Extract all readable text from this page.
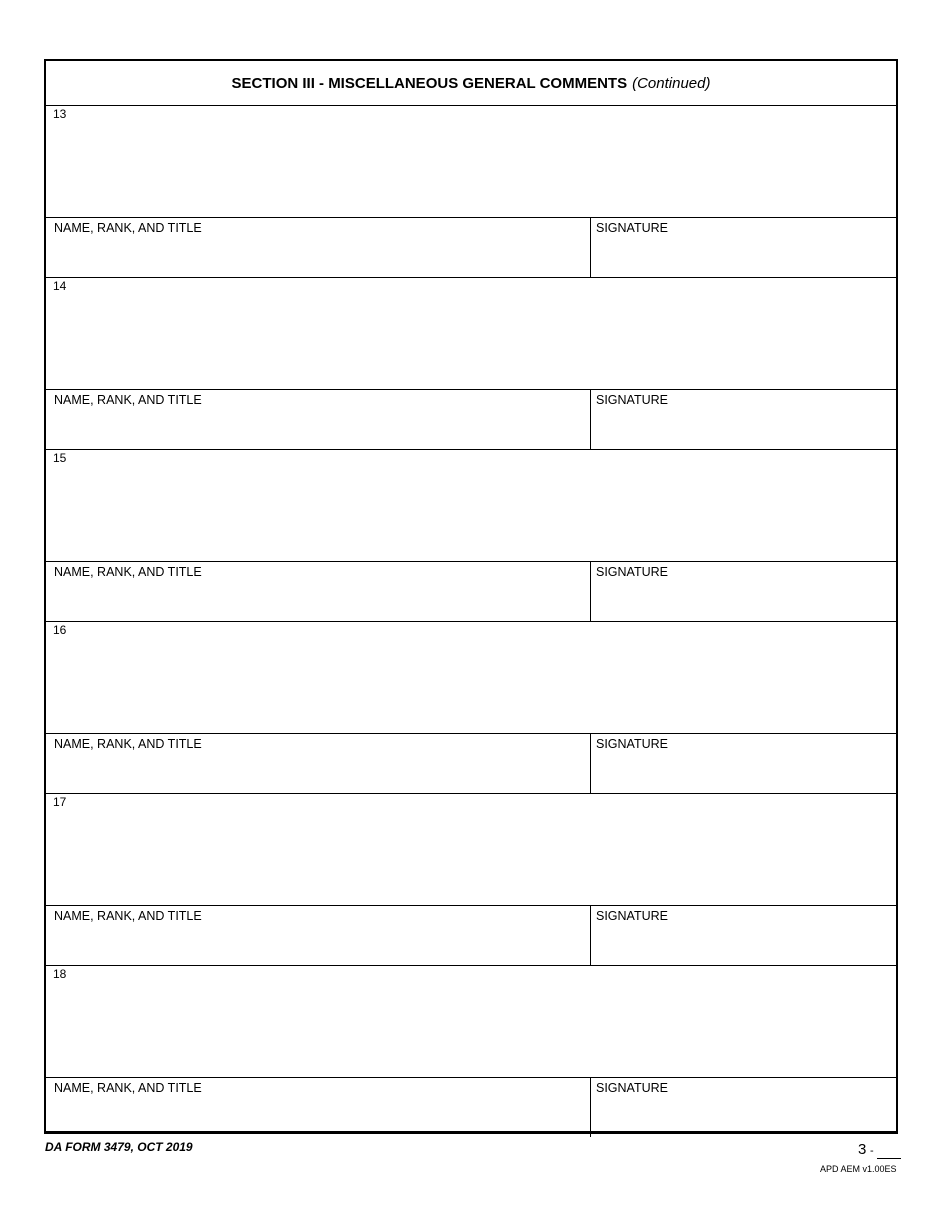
SECTION III - MISCELLANEOUS GENERAL COMMENTS (Continued)
13
NAME, RANK, AND TITLE	SIGNATURE
14
NAME, RANK, AND TITLE	SIGNATURE
15
NAME, RANK, AND TITLE	SIGNATURE
16
NAME, RANK, AND TITLE	SIGNATURE
17
NAME, RANK, AND TITLE	SIGNATURE
18
NAME, RANK, AND TITLE	SIGNATURE
DA FORM 3479, OCT 2019	3 -
APD AEM v1.00ES
